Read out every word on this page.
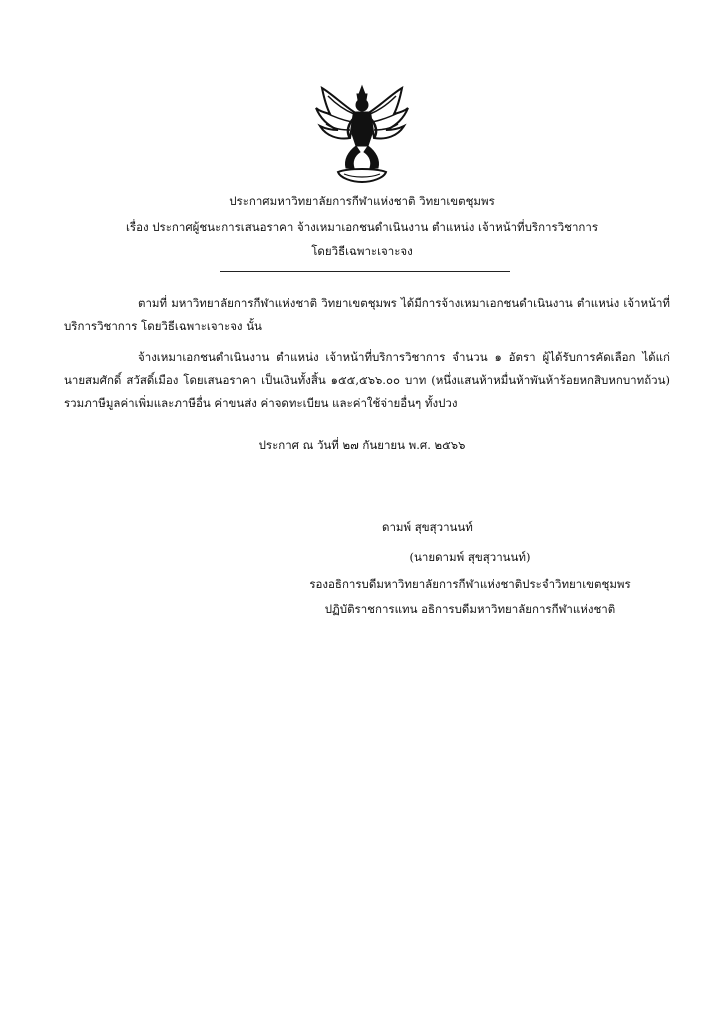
ประกาศมหาวิทยาลัยการกีฬาแห่งชาติ วิทยาเขตชุมพร
เรื่อง ประกาศผู้ชนะการเสนอราคา จ้างเหมาเอกชนดำเนินงาน ตำแหน่ง เจ้าหน้าที่บริการวิชาการ
โดยวิธีเฉพาะเจาะจง
ตามที่ มหาวิทยาลัยการกีฬาแห่งชาติ วิทยาเขตชุมพร ได้มีการจ้างเหมาเอกชนดำเนินงาน ตำแหน่ง เจ้าหน้าที่บริการวิชาการ โดยวิธีเฉพาะเจาะจง นั้น
จ้างเหมาเอกชนดำเนินงาน ตำแหน่ง เจ้าหน้าที่บริการวิชาการ จำนวน ๑ อัตรา ผู้ได้รับการคัดเลือก ได้แก่ นายสมศักดิ์ สวัสดิ์เมือง โดยเสนอราคา เป็นเงินทั้งสิ้น ๑๕๕,๕๖๖.๐๐ บาท (หนึ่งแสนห้าหมื่นห้าพันห้าร้อยหกสิบหกบาทถ้วน) รวมภาษีมูลค่าเพิ่มและภาษีอื่น ค่าขนส่ง ค่าจดทะเบียน และค่าใช้จ่ายอื่นๆ ทั้งปวง
ประกาศ ณ วันที่ ๒๗ กันยายน พ.ศ. ๒๕๖๖
ดามพ์ สุขสุวานนท์
(นายดามพ์ สุขสุวานนท์)
รองอธิการบดีมหาวิทยาลัยการกีฬาแห่งชาติประจำวิทยาเขตชุมพร
ปฏิบัติราชการแทน อธิการบดีมหาวิทยาลัยการกีฬาแห่งชาติ
